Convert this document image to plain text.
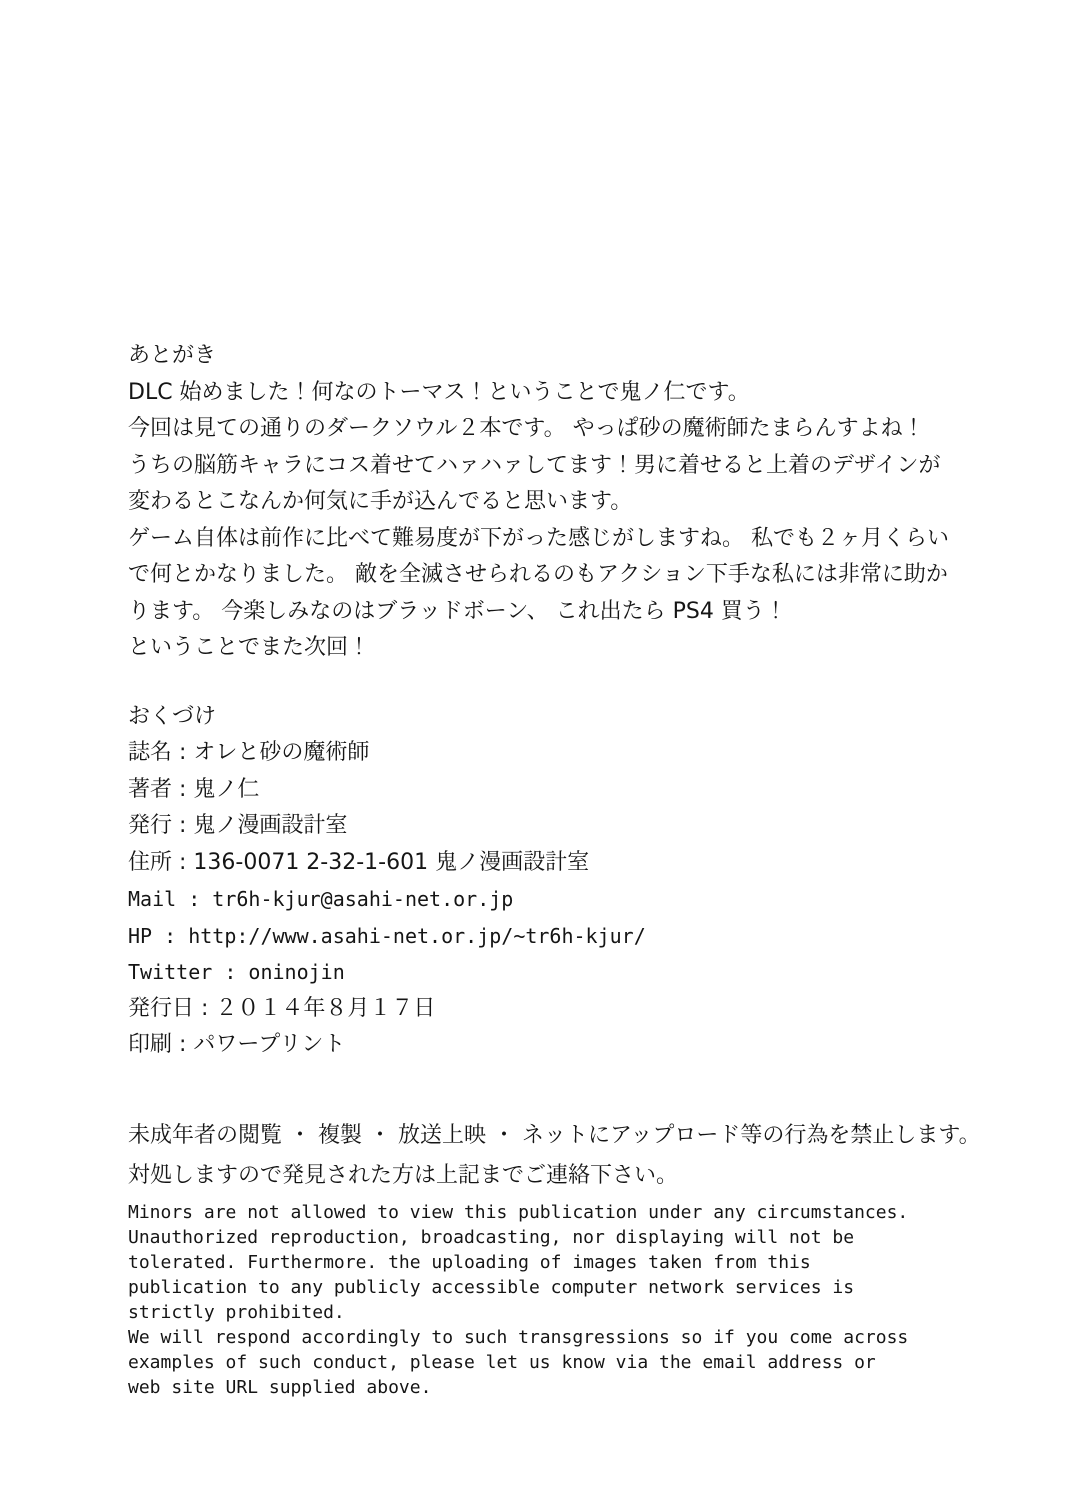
あとがき

DLC 始めました！何なのトーマス！ということで鬼ノ仁です。

今回は見ての通りのダークソウル２本です。 やっぱ砂の魔術師たまらんすよね！

うちの脳筋キャラにコス着せてハァハァしてます！男に着せると上着のデザインが

変わるとこなんか何気に手が込んでると思います。

ゲーム自体は前作に比べて難易度が下がった感じがしますね。 私でも２ヶ月くらい

で何とかなりました。 敵を全滅させられるのもアクション下手な私には非常に助か

ります。 今楽しみなのはブラッドボーン、 これ出たら PS4 買う！

ということでまた次回！

おくづけ

誌名 : オレと砂の魔術師

著者 : 鬼ノ仁

発行 : 鬼ノ漫画設計室

住所 : 136-0071 2-32-1-601 鬼ノ漫画設計室

Mail : tr6h-kjur@asahi-net.or.jp

HP : http://www.asahi-net.or.jp/~tr6h-kjur/

Twitter : oninojin

発行日 : ２０１４年８月１７日

印刷 : パワープリント

未成年者の閲覧 ・ 複製 ・ 放送上映 ・ ネットにアップロード等の行為を禁止します。

対処しますので発見された方は上記までご連絡下さい。

Minors are not allowed to view this publication under any circumstances.

Unauthorized reproduction, broadcasting, nor displaying will not be

tolerated. Furthermore. the uploading of images taken from this

publication to any publicly accessible computer network services is

strictly prohibited.

We will respond accordingly to such transgressions so if you come across

examples of such conduct, please let us know via the email address or

web site URL supplied above.
